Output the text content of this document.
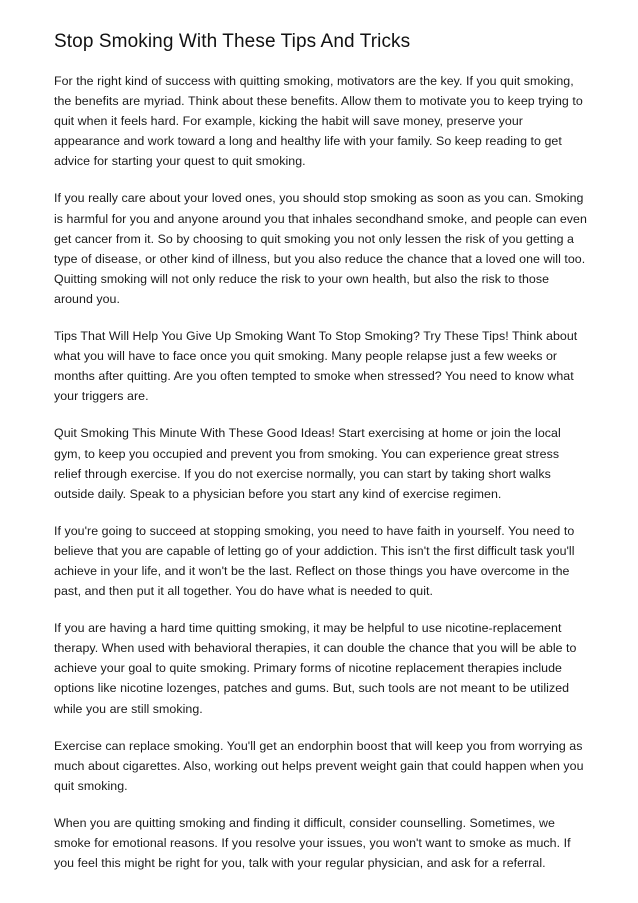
Stop Smoking With These Tips And Tricks

For the right kind of success with quitting smoking, motivators are the key. If you quit smoking, the benefits are myriad. Think about these benefits. Allow them to motivate you to keep trying to quit when it feels hard. For example, kicking the habit will save money, preserve your appearance and work toward a long and healthy life with your family. So keep reading to get advice for starting your quest to quit smoking.

If you really care about your loved ones, you should stop smoking as soon as you can. Smoking is harmful for you and anyone around you that inhales secondhand smoke, and people can even get cancer from it. So by choosing to quit smoking you not only lessen the risk of you getting a type of disease, or other kind of illness, but you also reduce the chance that a loved one will too. Quitting smoking will not only reduce the risk to your own health, but also the risk to those around you.

Tips That Will Help You Give Up Smoking Want To Stop Smoking? Try These Tips! Think about what you will have to face once you quit smoking. Many people relapse just a few weeks or months after quitting. Are you often tempted to smoke when stressed? You need to know what your triggers are.

Quit Smoking This Minute With These Good Ideas! Start exercising at home or join the local gym, to keep you occupied and prevent you from smoking. You can experience great stress relief through exercise. If you do not exercise normally, you can start by taking short walks outside daily. Speak to a physician before you start any kind of exercise regimen.

If you're going to succeed at stopping smoking, you need to have faith in yourself. You need to believe that you are capable of letting go of your addiction. This isn't the first difficult task you'll achieve in your life, and it won't be the last. Reflect on those things you have overcome in the past, and then put it all together. You do have what is needed to quit.

If you are having a hard time quitting smoking, it may be helpful to use nicotine-replacement therapy. When used with behavioral therapies, it can double the chance that you will be able to achieve your goal to quite smoking. Primary forms of nicotine replacement therapies include options like nicotine lozenges, patches and gums. But, such tools are not meant to be utilized while you are still smoking.

Exercise can replace smoking. You'll get an endorphin boost that will keep you from worrying as much about cigarettes. Also, working out helps prevent weight gain that could happen when you quit smoking.

When you are quitting smoking and finding it difficult, consider counselling. Sometimes, we smoke for emotional reasons. If you resolve your issues, you won't want to smoke as much. If you feel this might be right for you, talk with your regular physician, and ask for a referral.
